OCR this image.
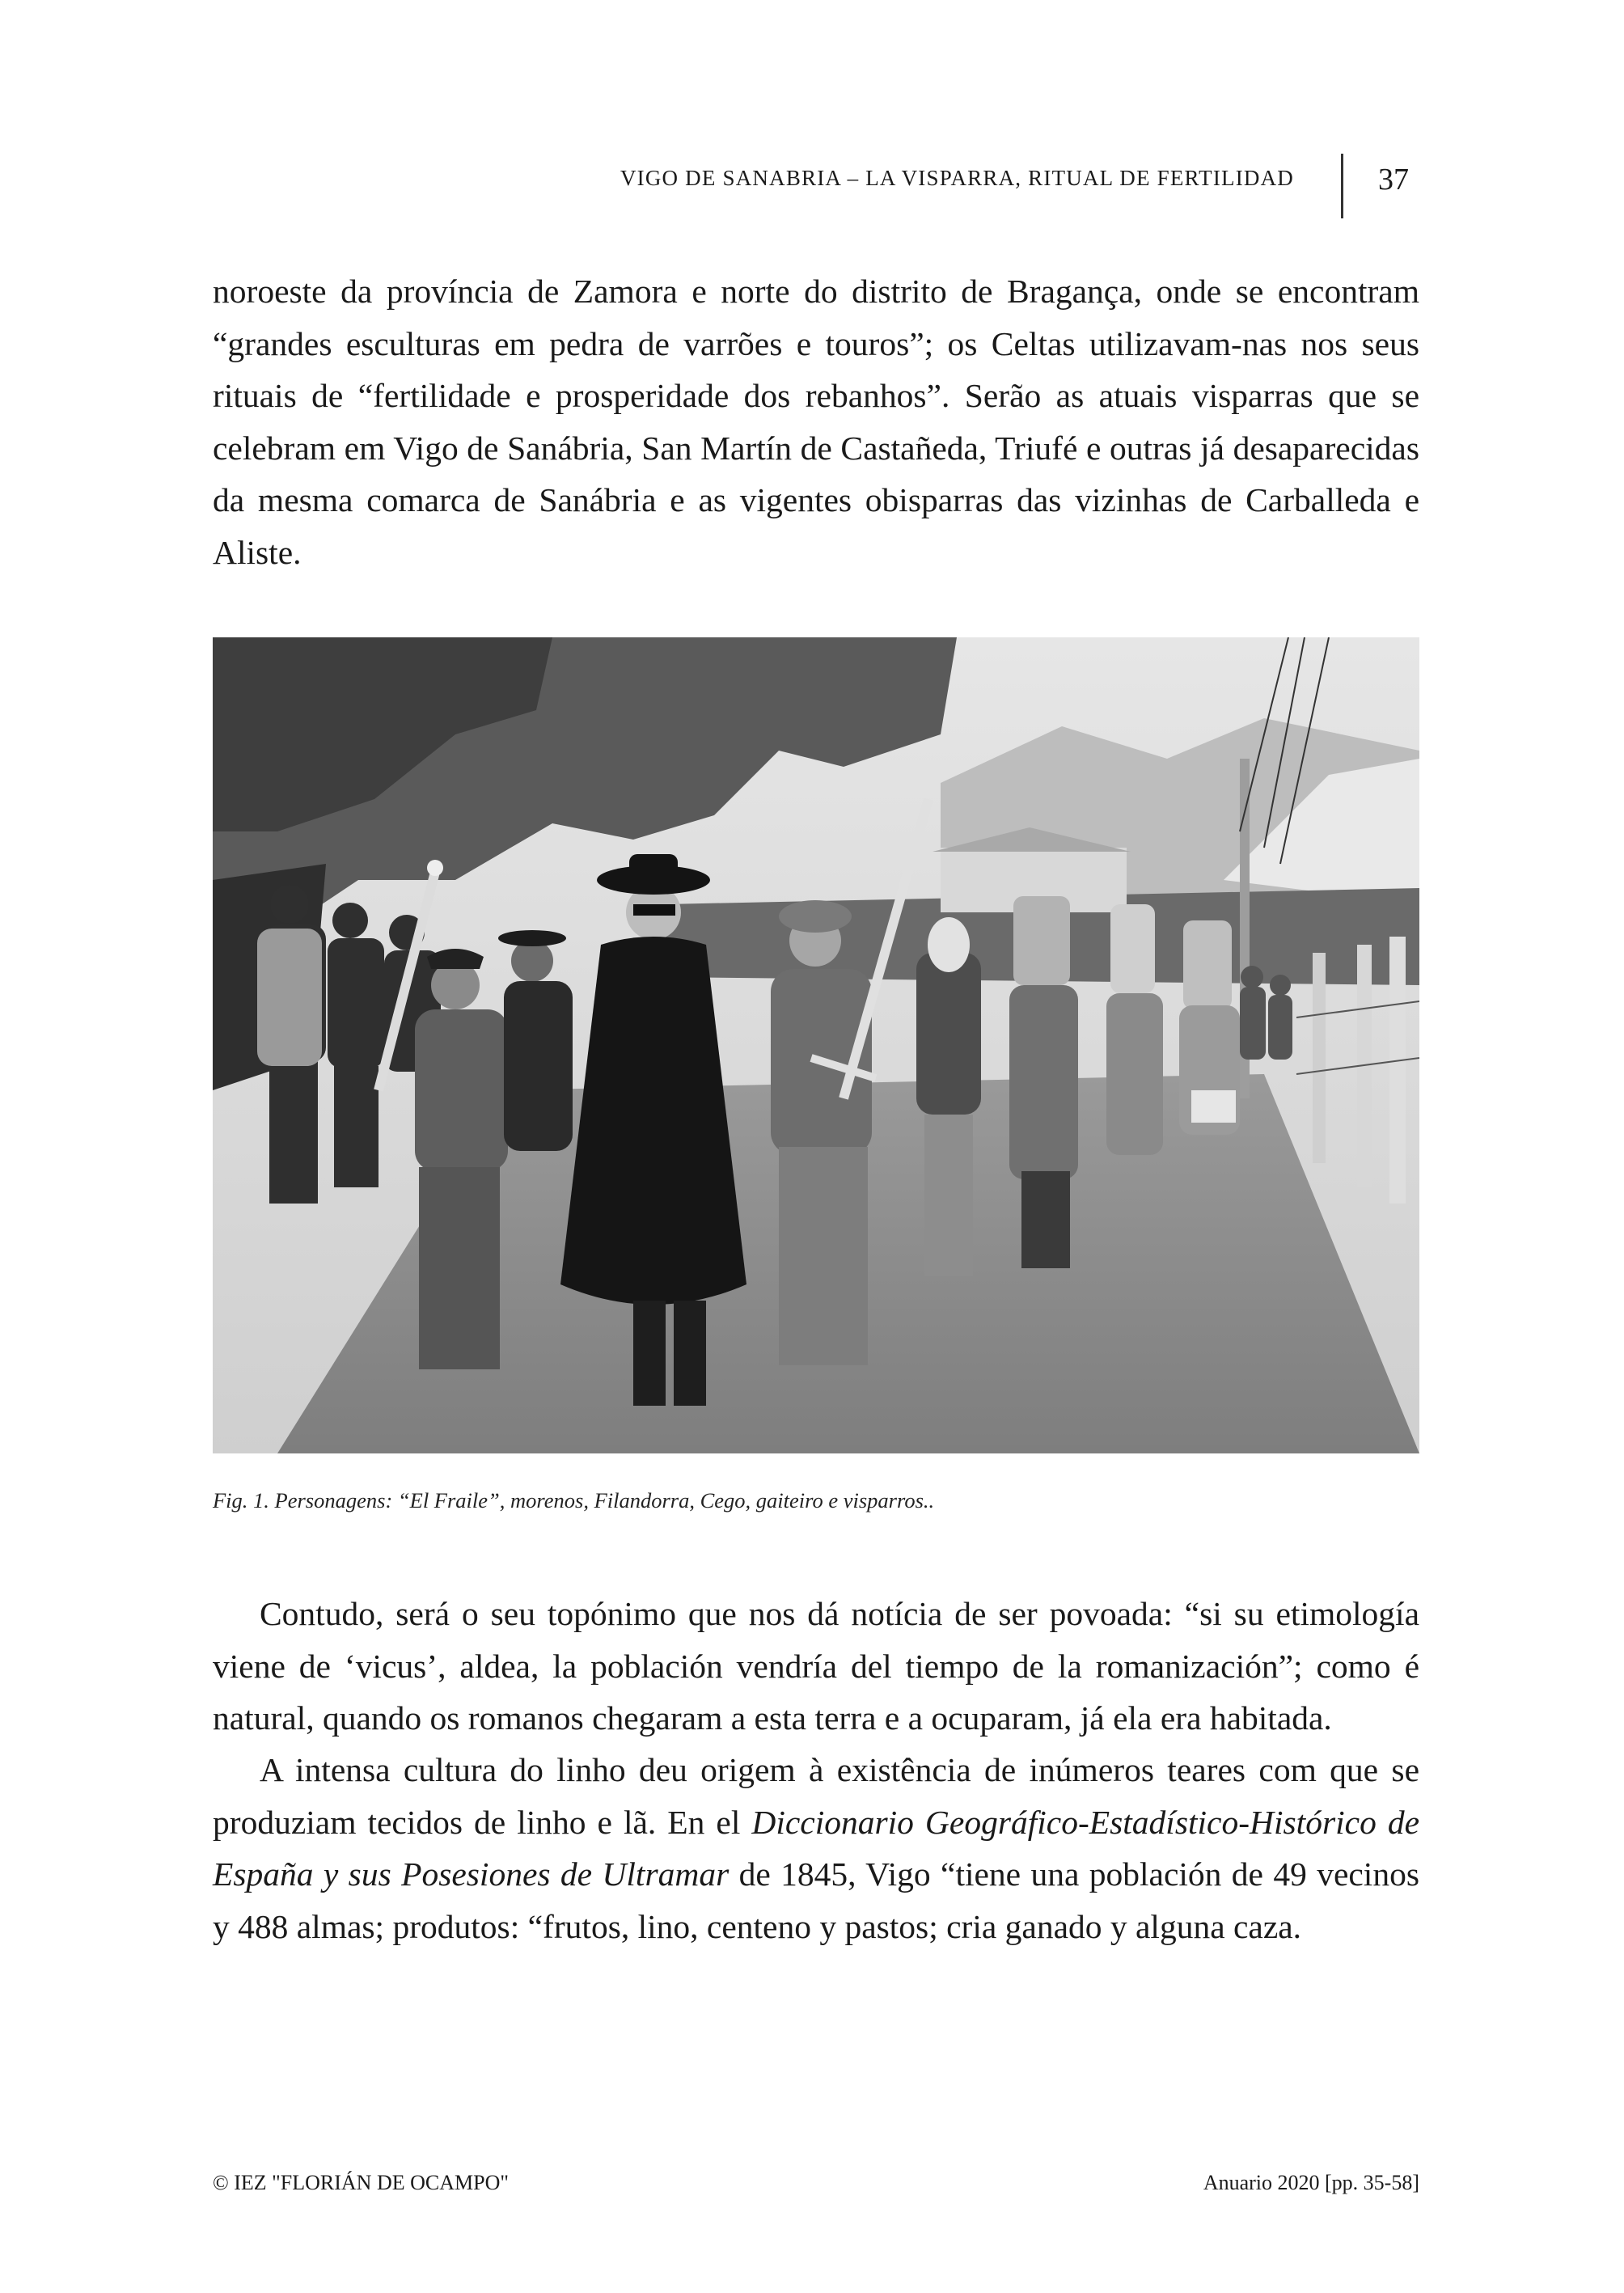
VIGO DE SANABRIA – LA VISPARRA, RITUAL DE FERTILIDAD	37

noroeste da província de Zamora e norte do distrito de Bragança, onde se encontram “grandes esculturas em pedra de varrões e touros”; os Celtas utilizavam-nas nos seus rituais de “fertilidade e prosperidade dos rebanhos”. Serão as atuais visparras que se celebram em Vigo de Sanábria, San Martín de Castañeda, Triufé e outras já desaparecidas da mesma comarca de Sanábria e as vigentes obisparras das vizinhas de Carballeda e Aliste.

Fig. 1. Personagens: “El Fraile”, morenos, Filandorra, Cego, gaiteiro e visparros..

Contudo, será o seu topónimo que nos dá notícia de ser povoada: “si su etimología viene de ‘vicus’, aldea, la población vendría del tiempo de la romanización”; como é natural, quando os romanos chegaram a esta terra e a ocuparam, já ela era habitada.

A intensa cultura do linho deu origem à existência de inúmeros teares com que se produziam tecidos de linho e lã. En el Diccionario Geográfico-Estadístico-Histórico de España y sus Posesiones de Ultramar de 1845, Vigo “tiene una población de 49 vecinos y 488 almas; produtos: “frutos, lino, centeno y pastos; cria ganado y alguna caza.

© IEZ "FLORIÁN DE OCAMPO"	Anuario 2020 [pp. 35-58]
